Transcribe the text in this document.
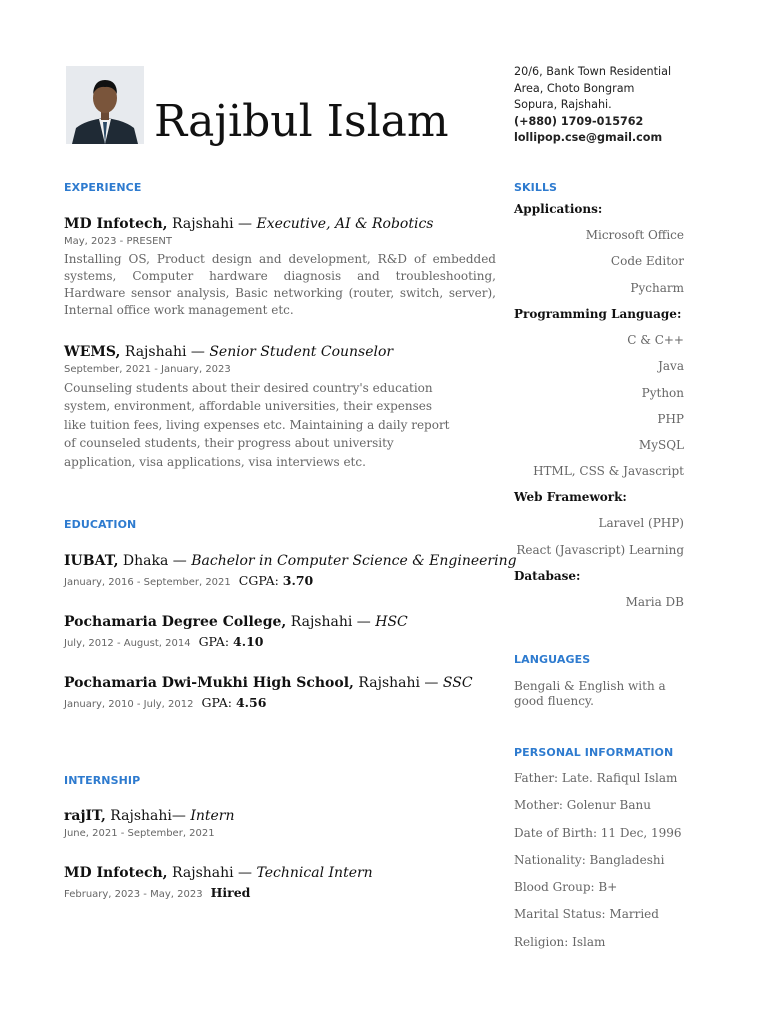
Rajibul Islam
20/6, Bank Town Residential
Area, Choto Bongram
Sopura, Rajshahi.
(+880) 1709-015762
lollipop.cse@gmail.com
EXPERIENCE
MD Infotech, Rajshahi — Executive, AI & Robotics
May, 2023 - PRESENT
Installing OS, Product design and development, R&D of embedded systems, Computer hardware diagnosis and troubleshooting, Hardware sensor analysis, Basic networking (router, switch, server), Internal office work management etc.
WEMS, Rajshahi — Senior Student Counselor
September, 2021 - January, 2023
Counseling students about their desired country's education system, environment, affordable universities, their expenses like tuition fees, living expenses etc. Maintaining a daily report of counseled students, their progress about university application, visa applications, visa interviews etc.
EDUCATION
IUBAT, Dhaka — Bachelor in Computer Science & Engineering
January, 2016 - September, 2021 CGPA: 3.70
Pochamaria Degree College, Rajshahi — HSC
July, 2012 - August, 2014 GPA: 4.10
Pochamaria Dwi-Mukhi High School, Rajshahi — SSC
January, 2010 - July, 2012 GPA: 4.56
INTERNSHIP
rajIT, Rajshahi— Intern
June, 2021 - September, 2021
MD Infotech, Rajshahi — Technical Intern
February, 2023 - May, 2023 Hired
SKILLS
Applications:
Microsoft Office
Code Editor
Pycharm
Programming Language:
C & C++
Java
Python
PHP
MySQL
HTML, CSS & Javascript
Web Framework:
Laravel (PHP)
React (Javascript) Learning
Database:
Maria DB
LANGUAGES
Bengali & English with a good fluency.
PERSONAL INFORMATION
Father: Late. Rafiqul Islam
Mother: Golenur Banu
Date of Birth: 11 Dec, 1996
Nationality: Bangladeshi
Blood Group: B+
Marital Status: Married
Religion: Islam
